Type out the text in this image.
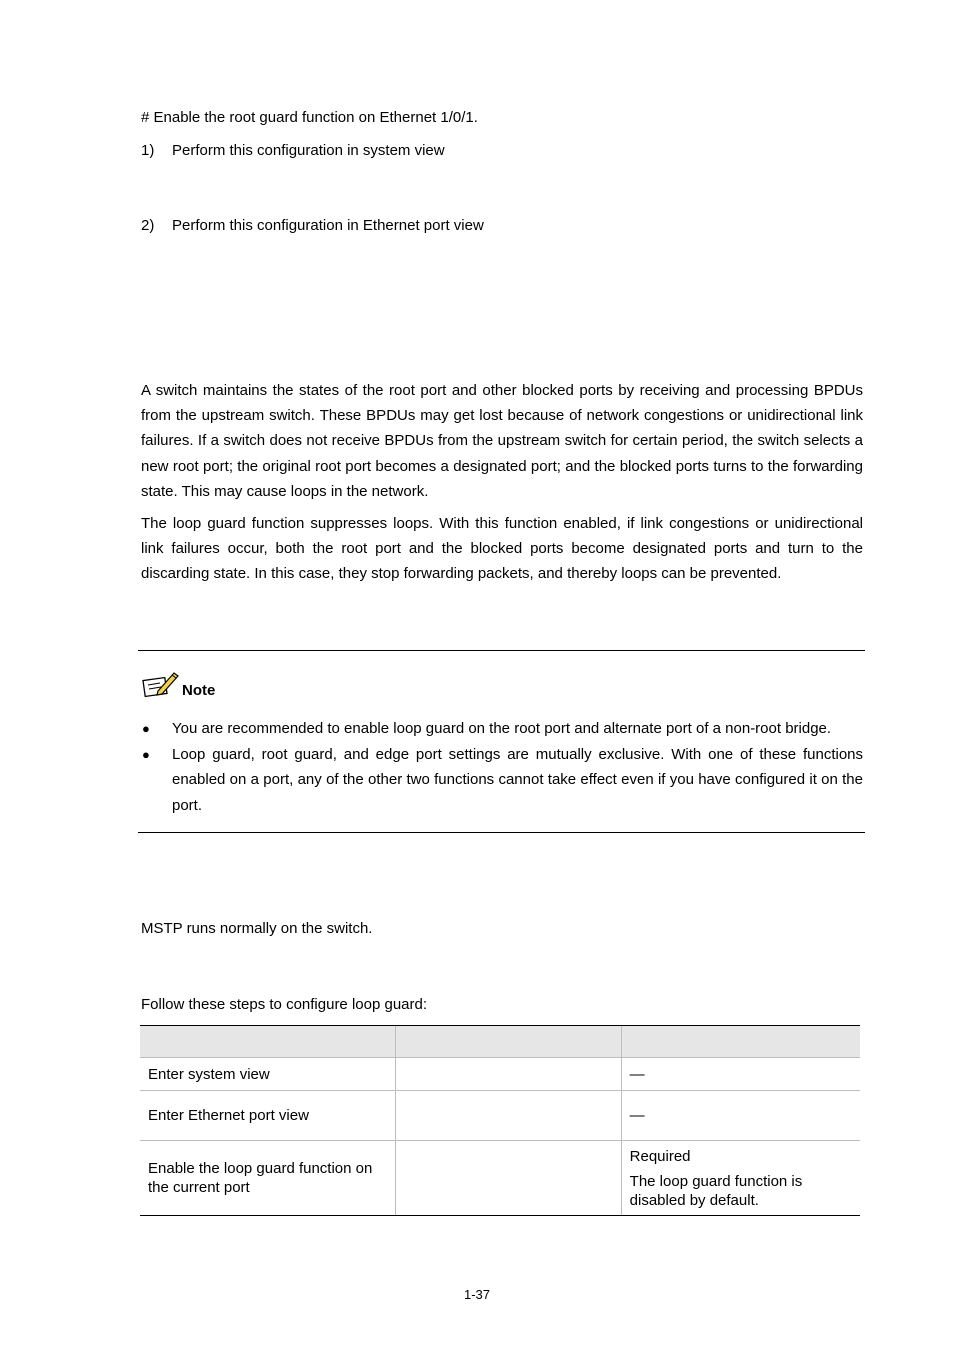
# Enable the root guard function on Ethernet 1/0/1.
1) Perform this configuration in system view
2) Perform this configuration in Ethernet port view
A switch maintains the states of the root port and other blocked ports by receiving and processing BPDUs from the upstream switch. These BPDUs may get lost because of network congestions or unidirectional link failures. If a switch does not receive BPDUs from the upstream switch for certain period, the switch selects a new root port; the original root port becomes a designated port; and the blocked ports turns to the forwarding state. This may cause loops in the network.
The loop guard function suppresses loops. With this function enabled, if link congestions or unidirectional link failures occur, both the root port and the blocked ports become designated ports and turn to the discarding state. In this case, they stop forwarding packets, and thereby loops can be prevented.
Note
● You are recommended to enable loop guard on the root port and alternate port of a non-root bridge.
● Loop guard, root guard, and edge port settings are mutually exclusive. With one of these functions enabled on a port, any of the other two functions cannot take effect even if you have configured it on the port.
MSTP runs normally on the switch.
Follow these steps to configure loop guard:

Enter system view		—
Enter Ethernet port view		—
Enable the loop guard function on the current port		Required
The loop guard function is disabled by default.
1-37
